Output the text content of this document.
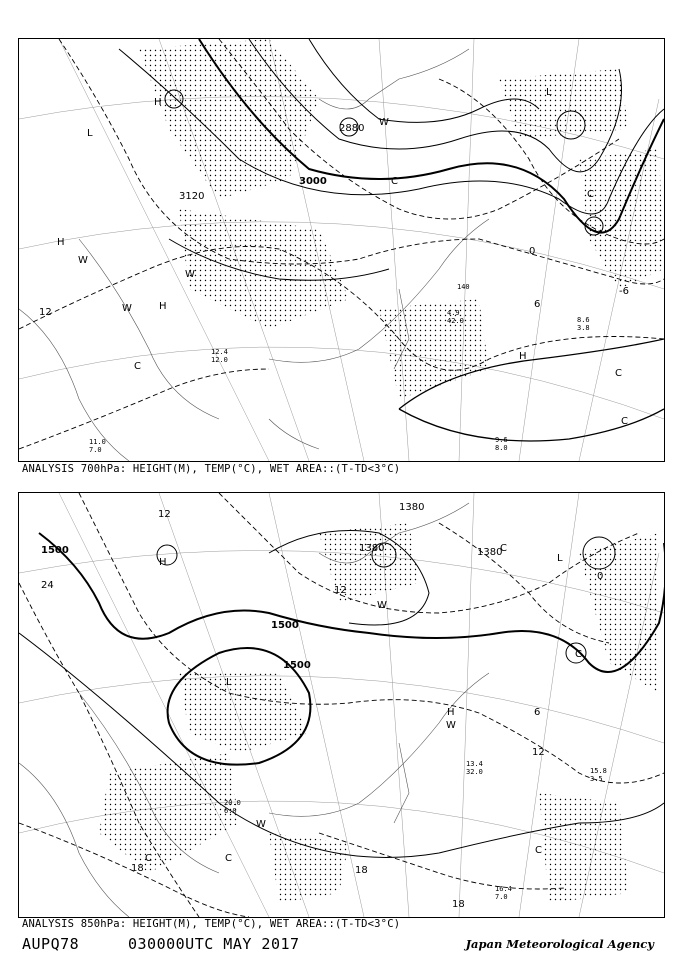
3000
3120
2880
12
0
-6
6
140
H
H
H
H
L
L
W
W
W
W
C
C
C
C
C
9.6
8.0
8.6
3.8
4.9
42.0
12.4
12.0
11.0
7.0
ANALYSIS 700hPa: HEIGHT(M), TEMP(°C), WET AREA::(T-TD<3°C)
1500
1500
1500
1380
1380
1380
24
18	18
18
12
12
12
6
0
H
H
L
L
W
W
W
C
C
C
C
C
16.4
7.0
15.8
3.5
13.4
32.0
20.0
6.0
ANALYSIS 850hPa: HEIGHT(M), TEMP(°C), WET AREA::(T-TD<3°C)
AUPQ78	030000UTC MAY 2017	Japan Meteorological Agency
